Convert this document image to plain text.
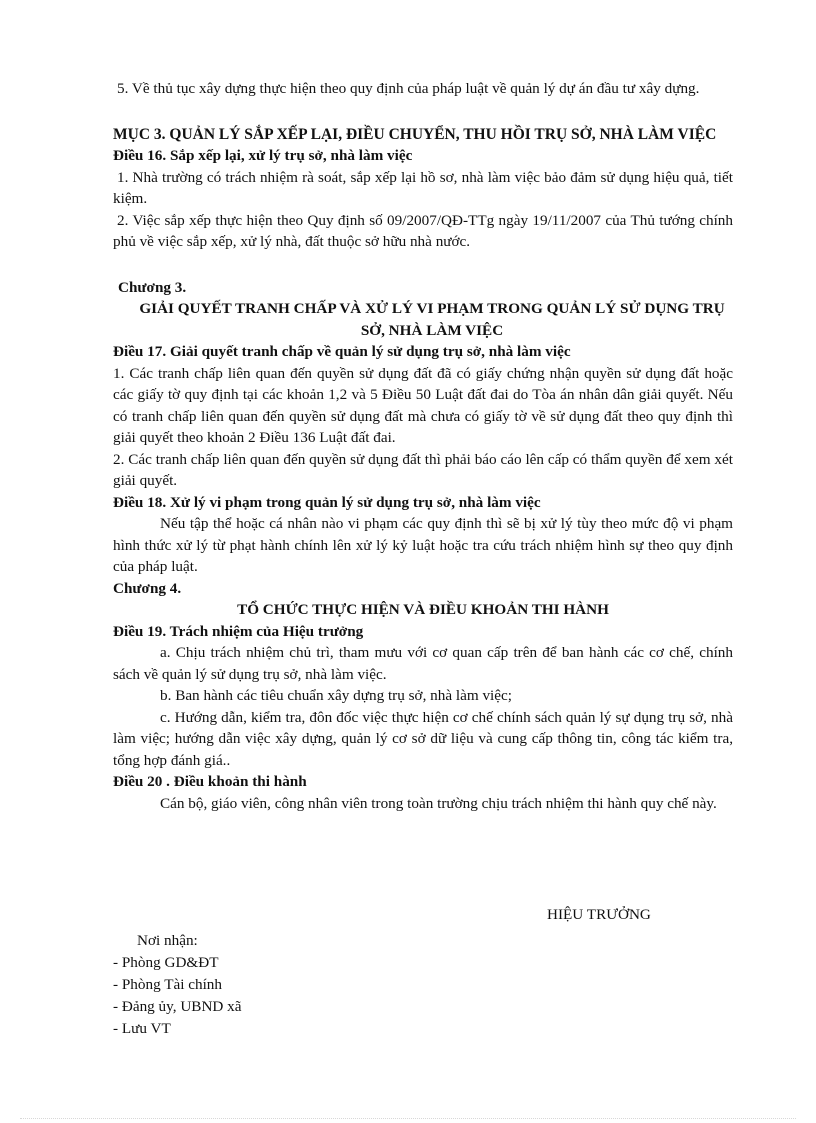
5. Về thủ tục xây dựng thực hiện theo quy định của pháp luật về quản lý dự án đầu tư xây dựng.

MỤC 3. QUẢN LÝ SẮP XẾP LẠI, ĐIỀU CHUYỂN, THU HỒI TRỤ SỞ, NHÀ LÀM VIỆC

Điều 16. Sắp xếp lại, xử lý trụ sở, nhà làm việc

1. Nhà trường có trách nhiệm rà soát, sắp xếp lại hồ sơ, nhà làm việc bảo đảm sử dụng hiệu quả, tiết kiệm.

2. Việc sắp xếp thực hiện theo Quy định số 09/2007/QĐ-TTg ngày 19/11/2007 của Thủ tướng chính phủ về việc sắp xếp, xử lý nhà, đất thuộc sở hữu nhà nước.

Chương 3.

GIẢI QUYẾT TRANH CHẤP VÀ XỬ LÝ VI PHẠM TRONG QUẢN LÝ SỬ DỤNG TRỤ SỞ, NHÀ LÀM VIỆC

Điều 17. Giải quyết tranh chấp về quản lý sử dụng trụ sở, nhà làm việc

1. Các tranh chấp liên quan đến quyền sử dụng đất đã có giấy chứng nhận quyền sử dụng đất hoặc các giấy tờ quy định tại các khoản 1,2 và 5 Điều 50 Luật đất đai do Tòa án nhân dân giải quyết. Nếu có tranh chấp liên quan đến quyền sử dụng đất mà chưa có giấy tờ về sử dụng đất theo quy định thì giải quyết theo khoản 2 Điều 136 Luật đất đai.

2. Các tranh chấp liên quan đến quyền sử dụng đất thì phải báo cáo lên cấp có thẩm quyền để xem xét giải quyết.

Điều 18. Xử lý vi phạm trong quản lý sử dụng trụ sở, nhà làm việc

Nếu tập thể hoặc cá nhân nào vi phạm các quy định thì sẽ bị xử lý tùy theo mức độ vi phạm hình thức xử lý từ phạt hành chính lên xử lý kỷ luật hoặc tra cứu trách nhiệm hình sự theo quy định của pháp luật.

Chương 4.

TỔ CHỨC THỰC HIỆN VÀ ĐIỀU KHOẢN THI HÀNH

Điều 19. Trách nhiệm của Hiệu trưởng

a. Chịu trách nhiệm chủ trì, tham mưu với cơ quan cấp trên để ban hành các cơ chế, chính sách về quản lý sử dụng trụ sở, nhà làm việc.

b. Ban hành các tiêu chuẩn xây dựng trụ sở, nhà làm việc;

c. Hướng dẫn, kiểm tra, đôn đốc việc thực hiện cơ chế chính sách quản lý sự dụng trụ sở, nhà làm việc; hướng dẫn việc xây dựng, quản lý cơ sở dữ liệu và cung cấp thông tin, công tác kiểm tra, tổng hợp đánh giá..

Điều 20 . Điều khoản thi hành

Cán bộ, giáo viên, công nhân viên trong toàn trường chịu trách nhiệm thi hành quy chế này.

HIỆU TRƯỞNG
Nơi nhận:
- Phòng GD&ĐT
- Phòng Tài chính
- Đảng ủy, UBND xã
- Lưu VT
